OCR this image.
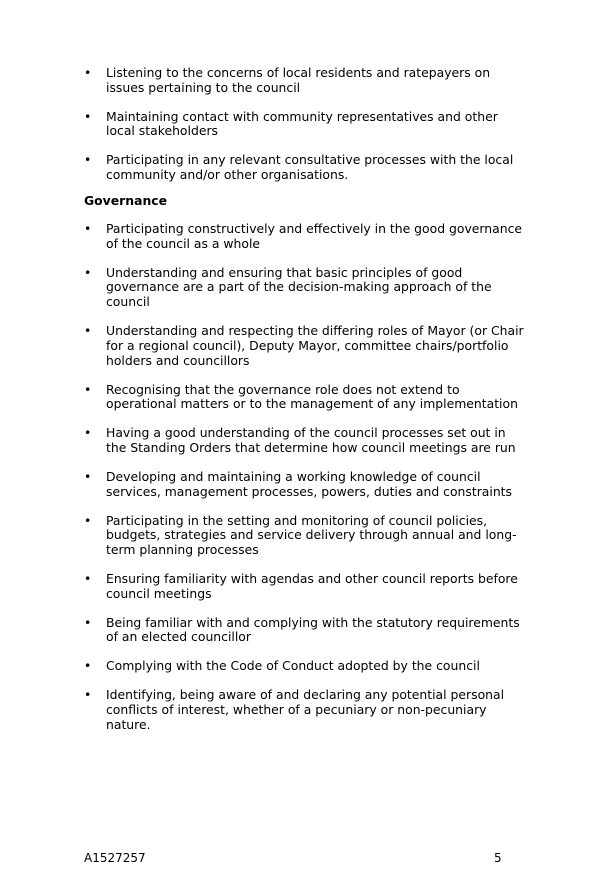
• Listening to the concerns of local residents and ratepayers on
issues pertaining to the council
• Maintaining contact with community representatives and other
local stakeholders
• Participating in any relevant consultative processes with the local
community and/or other organisations.
Governance
• Participating constructively and effectively in the good governance
of the council as a whole
• Understanding and ensuring that basic principles of good
governance are a part of the decision-making approach of the
council
• Understanding and respecting the differing roles of Mayor (or Chair
for a regional council), Deputy Mayor, committee chairs/portfolio
holders and councillors
• Recognising that the governance role does not extend to
operational matters or to the management of any implementation
• Having a good understanding of the council processes set out in
the Standing Orders that determine how council meetings are run
• Developing and maintaining a working knowledge of council
services, management processes, powers, duties and constraints
• Participating in the setting and monitoring of council policies,
budgets, strategies and service delivery through annual and long-
term planning processes
• Ensuring familiarity with agendas and other council reports before
council meetings
• Being familiar with and complying with the statutory requirements
of an elected councillor
• Complying with the Code of Conduct adopted by the council
• Identifying, being aware of and declaring any potential personal
conflicts of interest, whether of a pecuniary or non-pecuniary
nature.
A1527257	5
